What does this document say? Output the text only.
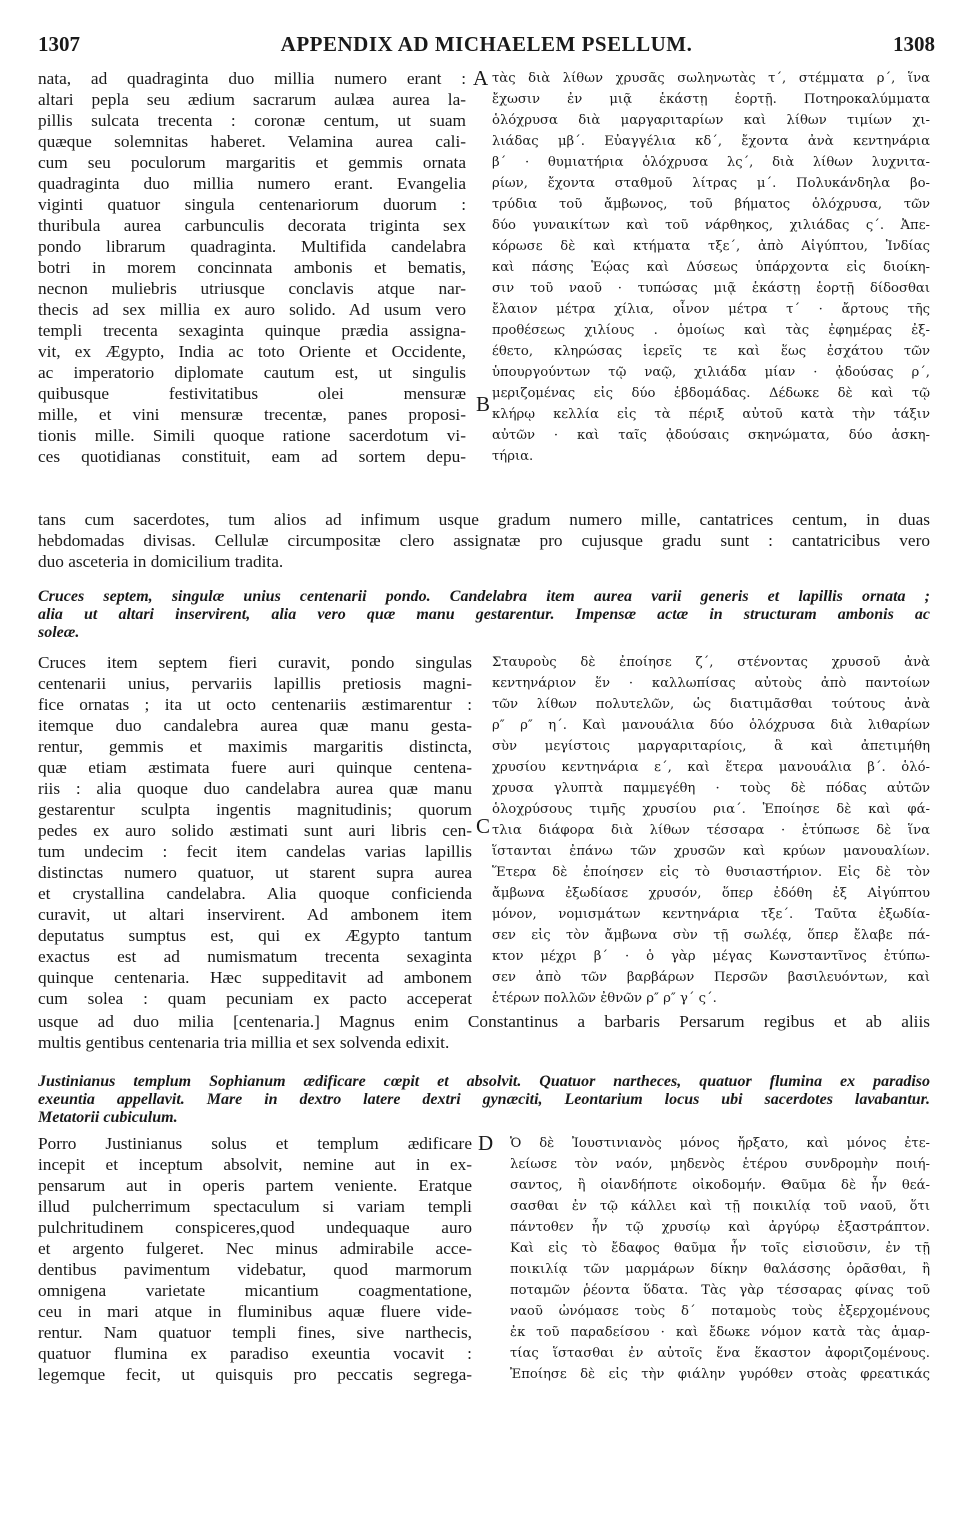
1307	APPENDIX AD MICHAELEM PSELLUM.	1308
nata, ad quadraginta duo millia numero erant :
altari pepla seu ædium sacrarum aulæa aurea la-
pillis sulcata trecenta : coronæ centum, ut suam
quæque solemnitas haberet. Velamina aurea cali-
cum seu poculorum margaritis et gemmis ornata
quadraginta duo millia numero erant. Evangelia
viginti quatuor singula centenariorum duorum :
thuribula aurea carbunculis decorata triginta sex
pondo librarum quadraginta. Multifida candelabra
botri in morem concinnata ambonis et bematis,
necnon muliebris utriusque conclavis atque nar-
thecis ad sex millia ex auro solido. Ad usum vero
templi trecenta sexaginta quinque prædia assigna-
vit, ex Ægypto, India ac toto Oriente et Occidente,
ac imperatorio diplomate cautum est, ut singulis
quibusque festivitatibus olei mensuræ
mille, et vini mensuræ trecentæ, panes proposi-
tionis mille. Simili quoque ratione sacerdotum vi-
ces quotidianas constituit, eam ad sortem depu-
τὰς διὰ λίθων χρυσᾶς σωληνωτὰς τ΄, στέμματα ρ΄, ἵνα
ἔχωσιν ἐν μιᾷ ἑκάστῃ ἑορτῇ. Ποτηροκαλύμματα
ὁλόχρυσα διὰ μαργαριταρίων καὶ λίθων τιμίων χι-
λιάδας μβ΄. Εὐαγγέλια κδ΄, ἔχοντα ἀνὰ κεντηνάρια
β΄ · θυμιατήρια ὁλόχρυσα λς΄, διὰ λίθων λυχνιτα-
ρίων, ἔχοντα σταθμοῦ λίτρας μ΄. Πολυκάνδηλα βο-
τρύδια τοῦ ἄμβωνος, τοῦ βήματος ὁλόχρυσα, τῶν
δύο γυναικίτων καὶ τοῦ νάρθηκος, χιλιάδας ς΄. Ἀπε-
κόρωσε δὲ καὶ κτήματα τξε΄, ἀπὸ Αἰγύπτου, Ἰνδίας
καὶ πάσης Ἑῴας καὶ Δύσεως ὑπάρχοντα εἰς διοίκη-
σιν τοῦ ναοῦ · τυπώσας μιᾷ ἑκάστῃ ἑορτῇ δίδοσθαι
ἔλαιον μέτρα χίλια, οἶνον μέτρα τ΄ · ἄρτους τῆς
προθέσεως χιλίους . ὁμοίως καὶ τὰς ἐφημέρας ἐξ-
έθετο, κληρώσας ἱερεῖς τε καὶ ἕως ἐσχάτου τῶν
ὑπουργούντων τῷ ναῷ, χιλιάδα μίαν · ᾀδούσας ρ΄,
μεριζομένας εἰς δύο ἑβδομάδας. Δέδωκε δὲ καὶ τῷ
κλήρῳ κελλία εἰς τὰ πέριξ αὐτοῦ κατὰ τὴν τάξιν
αὐτῶν · καὶ ταῖς ᾀδούσαις σκηνώματα, δύο ἀσκη-
τήρια.
tans cum sacerdotes, tum alios ad infimum usque gradum numero mille, cantatrices centum, in duas
hebdomadas divisas. Cellulæ circumpositæ clero assignatæ pro cujusque gradu sunt : cantatricibus vero
duo asceteria in domicilium tradita.
A
B
Cruces septem, singulæ unius centenarii pondo. Candelabra item aurea varii generis et lapillis ornata ;
alia ut altari inservirent, alia vero quæ manu gestarentur. Impensæ actæ in structuram ambonis ac
soleæ.
Cruces item septem fieri curavit, pondo singulas
centenarii unius, pervariis lapillis pretiosis magni-
fice ornatas ; ita ut octo centenariis æstimarentur :
itemque duo candalebra aurea quæ manu gesta-
rentur, gemmis et maximis margaritis distincta,
quæ etiam æstimata fuere auri quinque centena-
riis : alia quoque duo candelabra aurea quæ manu
gestarentur sculpta ingentis magnitudinis; quorum
pedes ex auro solido æstimati sunt auri libris cen-
tum undecim : fecit item candelas varias lapillis
distinctas numero quatuor, ut starent supra aurea
et crystallina candelabra. Alia quoque conficienda
curavit, ut altari inservirent. Ad ambonem item
deputatus sumptus est, qui ex Ægypto tantum
exactus est ad numismatum trecenta sexaginta
quinque centenaria. Hæc suppeditavit ad ambonem
cum solea : quam pecuniam ex pacto acceperat
Σταυροὺς δὲ ἐποίησε ζ΄, στένοντας χρυσοῦ ἀνὰ
κεντηνάριον ἕν · καλλωπίσας αὐτοὺς ἀπὸ παντοίων
τῶν λίθων πολυτελῶν, ὡς διατιμᾶσθαι τούτους ἀνὰ
ρ″ ρ″ η΄. Καὶ μανουάλια δύο ὁλόχρυσα διὰ λιθαρίων
σὺν μεγίστοις μαργαριταρίοις, ἃ καὶ ἀπετιμήθη
χρυσίου κεντηνάρια ε΄, καὶ ἕτερα μανουάλια β΄. ὁλό-
χρυσα γλυπτὰ παμμεγέθη · τοὺς δὲ πόδας αὐτῶν
ὁλοχρύσους τιμῆς χρυσίου ρια΄. Ἐποίησε δὲ καὶ φά-
τλια διάφορα διὰ λίθων τέσσαρα · ἐτύπωσε δὲ ἵνα
ἵστανται ἐπάνω τῶν χρυσῶν καὶ κρύων μανουαλίων.
Ἕτερα δὲ ἐποίησεν εἰς τὸ θυσιαστήριον. Εἰς δὲ τὸν
ἄμβωνα ἐξωδίασε χρυσόν, ὅπερ ἐδόθη ἐξ Αἰγύπτου
μόνον, νομισμάτων κεντηνάρια τξε΄. Ταῦτα ἐξωδία-
σεν εἰς τὸν ἄμβωνα σὺν τῇ σωλέᾳ, ὅπερ ἔλαβε πά-
κτον μέχρι β΄ · ὁ γὰρ μέγας Κωνσταντῖνος ἐτύπω-
σεν ἀπὸ τῶν βαρβάρων Περσῶν βασιλευόντων, καὶ
ἑτέρων πολλῶν ἐθνῶν ρ″ ρ″ γ΄ ς΄.
C
usque ad duo milia [centenaria.] Magnus enim Constantinus a barbaris Persarum regibus et ab aliis
multis gentibus centenaria tria millia et sex solvenda edixit.
Justinianus templum Sophianum ædificare cœpit et absolvit. Quatuor nartheces, quatuor flumina ex paradiso
exeuntia appellavit. Mare in dextro latere dextri gynæciti, Leontarium locus ubi sacerdotes lavabantur.
Metatorii cubiculum.
Porro Justinianus solus et templum ædificare
incepit et inceptum absolvit, nemine aut in ex-
pensarum aut in operis partem veniente. Eratque
illud pulcherrimum spectaculum si variam templi
pulchritudinem conspiceres,quod undequaque auro
et argento fulgeret. Nec minus admirabile acce-
dentibus pavimentum videbatur, quod marmorum
omnigena varietate micantium coagmentatione,
ceu in mari atque in fluminibus aquæ fluere vide-
rentur. Nam quatuor templi fines, sive narthecis,
quatuor flumina ex paradiso exeuntia vocavit :
legemque fecit, ut quisquis pro peccatis segrega-
Ὁ δὲ Ἰουστινιανὸς μόνος ἤρξατο, καὶ μόνος ἐτε-
λείωσε τὸν ναόν, μηδενὸς ἑτέρου συνδρομὴν ποιή-
σαντος, ἢ οἱανδήποτε οἰκοδομήν. Θαῦμα δὲ ἦν θεά-
σασθαι ἐν τῷ κάλλει καὶ τῇ ποικιλίᾳ τοῦ ναοῦ, ὅτι
πάντοθεν ἦν τῷ χρυσίῳ καὶ ἀργύρῳ ἐξαστράπτον.
Καὶ εἰς τὸ ἔδαφος θαῦμα ἦν τοῖς εἰσιοῦσιν, ἐν τῇ
ποικιλίᾳ τῶν μαρμάρων δίκην θαλάσσης ὁρᾶσθαι, ἢ
ποταμῶν ῥέοντα ὕδατα. Τὰς γὰρ τέσσαρας φίνας τοῦ
ναοῦ ὠνόμασε τοὺς δ΄ ποταμοὺς τοὺς ἐξερχομένους
ἐκ τοῦ παραδείσου · καὶ ἔδωκε νόμον κατὰ τὰς ἁμαρ-
τίας ἵστασθαι ἐν αὐτοῖς ἕνα ἕκαστον ἀφοριζομένους.
Ἐποίησε δὲ εἰς τὴν φιάλην γυρόθεν στοὰς φρεατικάς
D
